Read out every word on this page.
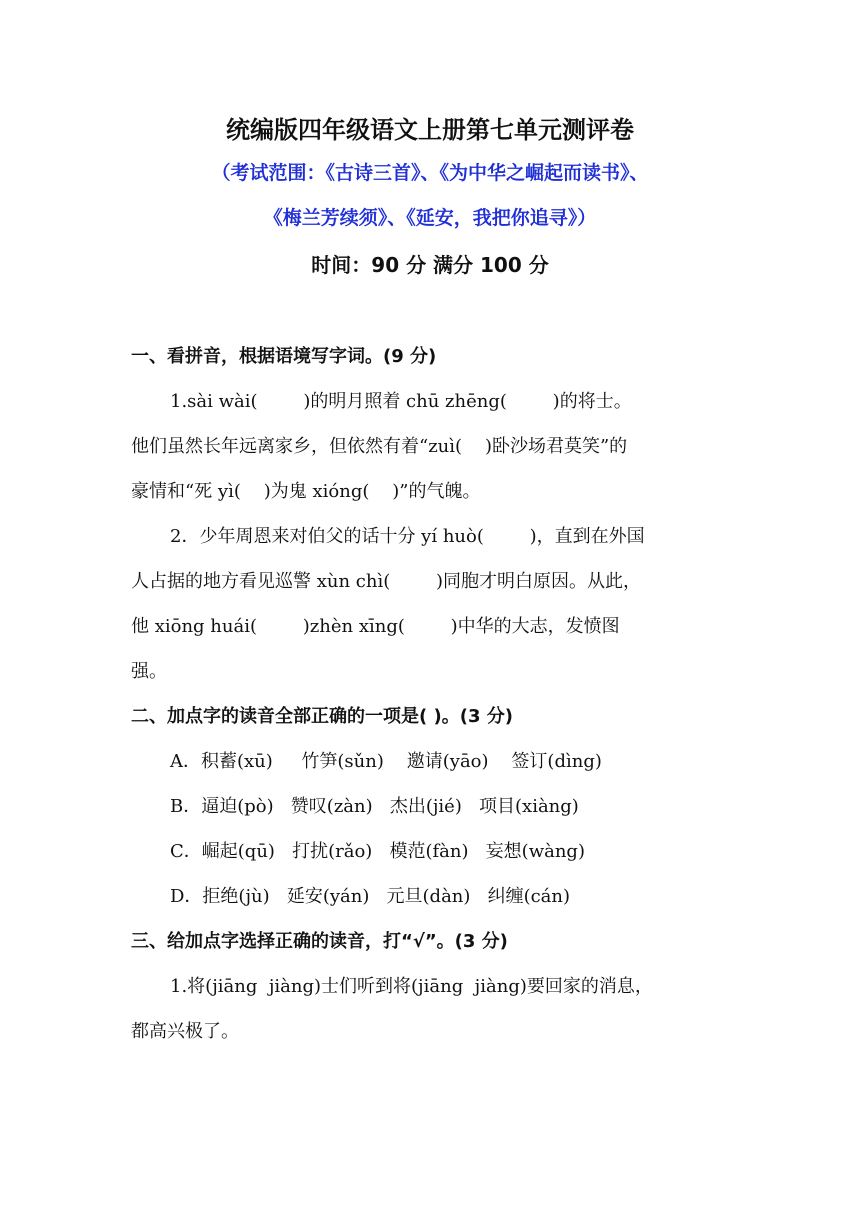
统编版四年级语文上册第七单元测评卷
（考试范围：《古诗三首》、《为中华之崛起而读书》、
《梅兰芳续须》、《延安，我把你追寻》）
时间：90 分 满分 100 分
一、看拼音，根据语境写字词。(9 分)
1.sài wài(        )的明月照着 chū zhēng(        )的将士。
他们虽然长年远离家乡，但依然有着“zuì(    )卧沙场君莫笑”的
豪情和“死 yì(    )为鬼 xióng(    )”的气魄。
2．少年周恩来对伯父的话十分 yí huò(        )，直到在外国
人占据的地方看见巡警 xùn chì(        )同胞才明白原因。从此，
他 xiōng huái(        )zhèn xīng(        )中华的大志，发愤图
强。
二、加点字的读音全部正确的一项是( )。(3 分)
A．积蓄(xū)     竹笋(sǔn)    邀请(yāo)    签订(dìng)
B．逼迫(pò)   赞叹(zàn)   杰出(jié)   项目(xiàng)
C．崛起(qū)   打扰(rǎo)   模范(fàn)   妄想(wàng)
D．拒绝(jù)   延安(yán)   元旦(dàn)   纠缠(cán)
三、给加点字选择正确的读音，打“√”。(3 分)
1.将(jiāng  jiàng)士们听到将(jiāng  jiàng)要回家的消息，
都高兴极了。
